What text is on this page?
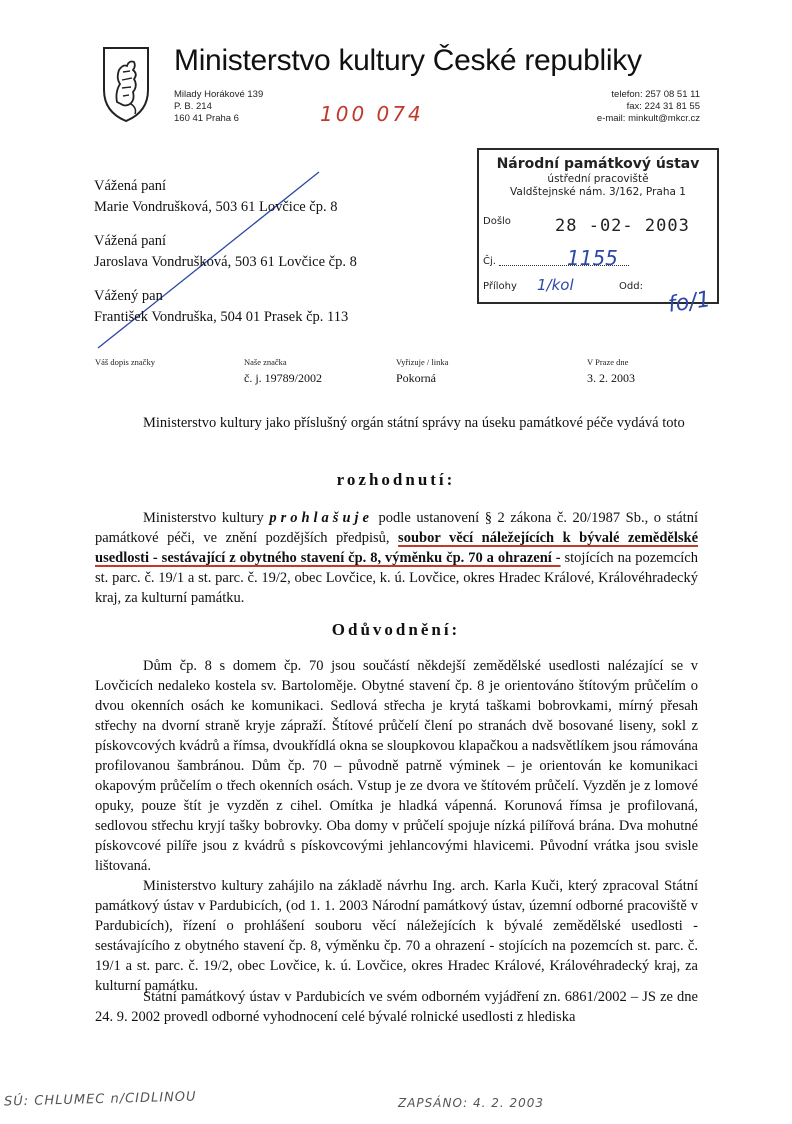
Ministerstvo kultury České republiky
Milady Horákové 139
P. B. 214
160 41 Praha 6
telefon: 257 08 51 11
fax: 224 31 81 55
e-mail: minkult@mkcr.cz
100 074
Národní památkový ústav
ústřední pracoviště
Valdštejnské nám. 3/162, Praha 1
Došlo	28 -02- 2003
Čj.	1155
Přílohy 1/kol	Odd:
fo/1
Vážená paní
Marie Vondrušková, 503 61 Lovčice čp. 8
Vážená paní
Jaroslava Vondrušková, 503 61 Lovčice čp. 8
Vážený pan
František Vondruška, 504 01 Prasek čp. 113
Váš dopis značky	Naše značka
č. j. 19789/2002
Vyřizuje / linka
Pokorná
V Praze dne
3. 2. 2003
Ministerstvo kultury jako příslušný orgán státní správy na úseku památkové péče vydává toto
rozhodnutí:
Ministerstvo kultury prohlašuje podle ustanovení § 2 zákona č. 20/1987 Sb., o státní památkové péči, ve znění pozdějších předpisů, soubor věcí náležejících k bývalé zemědělské usedlosti - sestávající z obytného stavení čp. 8, výměnku čp. 70 a ohrazení - stojících na pozemcích st. parc. č. 19/1 a st. parc. č. 19/2, obec Lovčice, k. ú. Lovčice, okres Hradec Králové, Královéhradecký kraj, za kulturní památku.
Odůvodnění:
Dům čp. 8 s domem čp. 70 jsou součástí někdejší zemědělské usedlosti nalézající se v Lovčicích nedaleko kostela sv. Bartoloměje. Obytné stavení čp. 8 je orientováno štítovým průčelím o dvou okenních osách ke komunikaci. Sedlová střecha je krytá taškami bobrovkami, mírný přesah střechy na dvorní straně kryje zápraží. Štítové průčelí člení po stranách dvě bosované liseny, sokl z pískovcových kvádrů a římsa, dvoukřídlá okna se sloupkovou klapačkou a nadsvětlíkem jsou rámována profilovanou šambránou. Dům čp. 70 – původně patrně výminek – je orientován ke komunikaci okapovým průčelím o třech okenních osách. Vstup je ze dvora ve štítovém průčelí. Vyzděn je z lomové opuky, pouze štít je vyzděn z cihel. Omítka je hladká vápenná. Korunová římsa je profilovaná, sedlovou střechu kryjí tašky bobrovky. Oba domy v průčelí spojuje nízká pilířová brána. Dva mohutné pískovcové pilíře jsou z kvádrů s pískovcovými jehlancovými hlavicemi. Původní vrátka jsou svisle lištovaná.
Ministerstvo kultury zahájilo na základě návrhu Ing. arch. Karla Kuči, který zpracoval Státní památkový ústav v Pardubicích, (od 1. 1. 2003 Národní památkový ústav, územní odborné pracoviště v Pardubicích), řízení o prohlášení souboru věcí náležejících k bývalé zemědělské usedlosti - sestávajícího z obytného stavení čp. 8, výměnku čp. 70 a ohrazení - stojících na pozemcích st. parc. č. 19/1 a st. parc. č. 19/2, obec Lovčice, k. ú. Lovčice, okres Hradec Králové, Královéhradecký kraj, za kulturní památku.
Státní památkový ústav v Pardubicích ve svém odborném vyjádření zn. 6861/2002 – JS ze dne 24. 9. 2002 provedl odborné vyhodnocení celé bývalé rolnické usedlosti z hlediska
SÚ: CHLUMEC n/CIDLINOU	ZAPSÁNO: 4. 2. 2003
